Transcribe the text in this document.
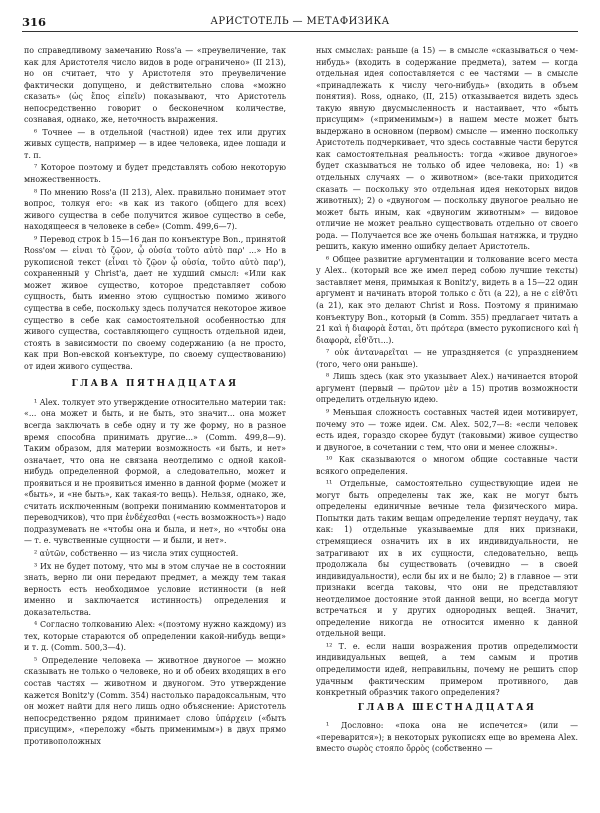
316	АРИСТОТЕЛЬ — МЕТАФИЗИКА

по справедливому замечанию Ross'a — «преувеличение, так как для Аристотеля число видов в роде ограничено» (II 213), но он считает, что у Аристотеля это преувеличение фактически допущено, и действительно слова «можно сказать» (ὡς ἔπος εἰπεῖν) показывают, что Аристотель непосредственно говорит о бесконечном количестве, сознавая, однако, же, неточность выражения.

⁶ Точнее — в отдельной (частной) идее тех или других живых существ, например — в идее человека, идее лошади и т. п.

⁷ Которое поэтому и будет представлять собою некоторую множественность.

⁸ По мнению Ross'a (II 213), Alex. правильно понимает этот вопрос, толкуя его: «в как из такого (общего для всех) живого существа в себе получится живое существо в себе, находящееся в человеке в себе» (Comm. 499,6—7).

⁹ Перевод строк b 15—16 дан по конъектуре Bon., принятой Ross'ом — εἰναι τὸ ζῷον, ᾧ οὐσία τοῦτο αὐτὸ παρ' ...» Но в рукописной текст (εἶναι τὸ ζῷον ᾧ οὐσία, τοῦτο αὐτὸ παρ'), сохраненный у Christ'a, дает не худший смысл: «Или как может живое существо, которое представляет собою сущность, быть именно этою сущностью помимо живого существа в себе, поскольку здесь получатся некоторое живое существо в себе как самостоятельной особенностью для живого существа, составляющего сущность отдельной идеи, стоять в зависимости по своему содержанию (а не просто, как при Bon-евской конъектуре, по своему существованию) от идеи живого существа.

ГЛАВА ПЯТНАДЦАТАЯ

¹ Alex. толкует это утверждение относительно материи так: «... она может и быть, и не быть, это значит... она может всегда заключать в себе одну и ту же форму, но в разное время способна принимать другие...» (Comm. 499,8—9). Таким образом, для материи возможность «и быть, и нет» означает, что она не связана неотделимо с одной какой-нибудь определенной формой, а следовательно, может и проявиться и не проявиться именно в данной форме (может и «быть», и «не быть», как такая-то вещь). Нельзя, однако, же, считать исключенным (вопреки пониманию комментаторов и переводчиков), что при ἐνδέχεσθαι («есть возможность») надо подразумевать не «чтобы она и была, и нет», но «чтобы она — т. е. чувственные сущности — и были, и нет».

² αὐτῶν, собственно — из числа этих сущностей.

³ Их не будет потому, что мы в этом случае не в состоянии знать, верно ли они передают предмет, а между тем такая верность есть необходимое условие истинности (в ней именно и заключается истинность) определения и доказательства.

⁴ Согласно толкованию Alex: «(поэтому нужно каждому) из тех, которые стараются об определении какой-нибудь вещи» и т. д. (Comm. 500,3—4).

⁵ Определение человека — животное двуногое — можно сказывать не только о человеке, но и об обеих входящих в его состав частях — животном и двуногом. Это утверждение кажется Bonitz'у (Comm. 354) настолько парадоксальным, что он может найти для него лишь одно объяснение: Аристотель непосредственно рядом принимает слово ὑπάρχειν («быть присущим», «переложу «быть применимым») в двух прямо противоположных

ных смыслах: раньше (а 15) — в смысле «сказываться о чем-нибудь» (входить в содержание предмета), затем — когда отдельная идея сопоставляется с ее частями — в смысле «принадлежать к числу чего-нибудь» (входить в объем понятия). Ross, однако, (II, 215) отказывается видеть здесь такую явную двусмысленность и настаивает, что «быть присущим» («применимым») в нашем месте может быть выдержано в основном (первом) смысле — именно поскольку Аристотель подчеркивает, что здесь составные части берутся как самостоятельная реальность: тогда «живое двуногое» будет сказываться не только об идее человека, но: 1) «в отдельных случаях — о животном» (все-таки приходится сказать — поскольку это отдельная идея некоторых видов животных); 2) о «двуногом — поскольку двуногое реально не может быть иным, как «двуногим животным» — видовое отличие не может реально существовать отдельно от своего рода. — Получается все же очень большая натяжка, и трудно решить, какую именно ошибку делает Аристотель.

⁶ Общее развитие аргументации и толкование всего места у Alex.. (который все же имел перед собою лучшие тексты) заставляет меня, примыкая к Bonitz'у, видеть в а 15—22 один аргумент и начинать второй только с ὅτι (а 22), а не с εἰθ'ὅτι (а 21), как это делают Christ и Ross. Поэтому я принимаю конъектуру Bon., который (в Comm. 355) предлагает читать а 21 καὶ ἡ διαφορὰ ἔσται, ὅτι πρότερα (вместо рукописного καὶ ἡ διαφορὰ, εἶθ'ὅτι...).

⁷ οὐκ ἀντανaρεῖται — не упраздняется (с упразднением (того, чего они раньше).

⁸ Лишь здесь (как это указывает Alex.) начинается второй аргумент (первый — πρῶτον μὲν а 15) против возможности определить отдельную идею.

⁹ Меньшая сложность составных частей идеи мотивирует, почему это — тоже идеи. См. Alex. 502,7—8: «если человек есть идея, гораздо скорее будут (таковыми) живое существо и двуногое, в сочетании с тем, что они и менее сложны».

¹⁰ Как сказываются о многом общие составные части всякого определения.

¹¹ Отдельные, самостоятельно существующие идеи не могут быть определены так же, как не могут быть определены единичные вечные тела физического мира. Попытки дать таким вещам определение терпят неудачу, так как: 1) отдельные указываемые для них признаки, стремящиеся означить их в их индивидуальности, не затрагивают их в их сущности, следовательно, вещь продолжала бы существовать (очевидно — в своей индивидуальности), если бы их и не было; 2) в главное — эти признаки всегда таковы, что они не представляют неотделимое достояние этой данной вещи, но всегда могут встречаться и у других однородных вещей. Значит, определение никогда не относится именно к данной отдельной вещи.

¹² Т. е. если наши возражения против определимости индивидуальных вещей, а тем самым и против определимости идей, неправильны, почему не решить спор удачным фактическим примером противного, дав конкретный образчик такого определения?

ГЛАВА ШЕСТНАДЦАТАЯ

¹ Дословно: «пока она не испечется» (или — «переварится»); в некоторых рукописях еще во времена Alex. вместо σωρὸς стояло ὄρρὸς (собственно —
